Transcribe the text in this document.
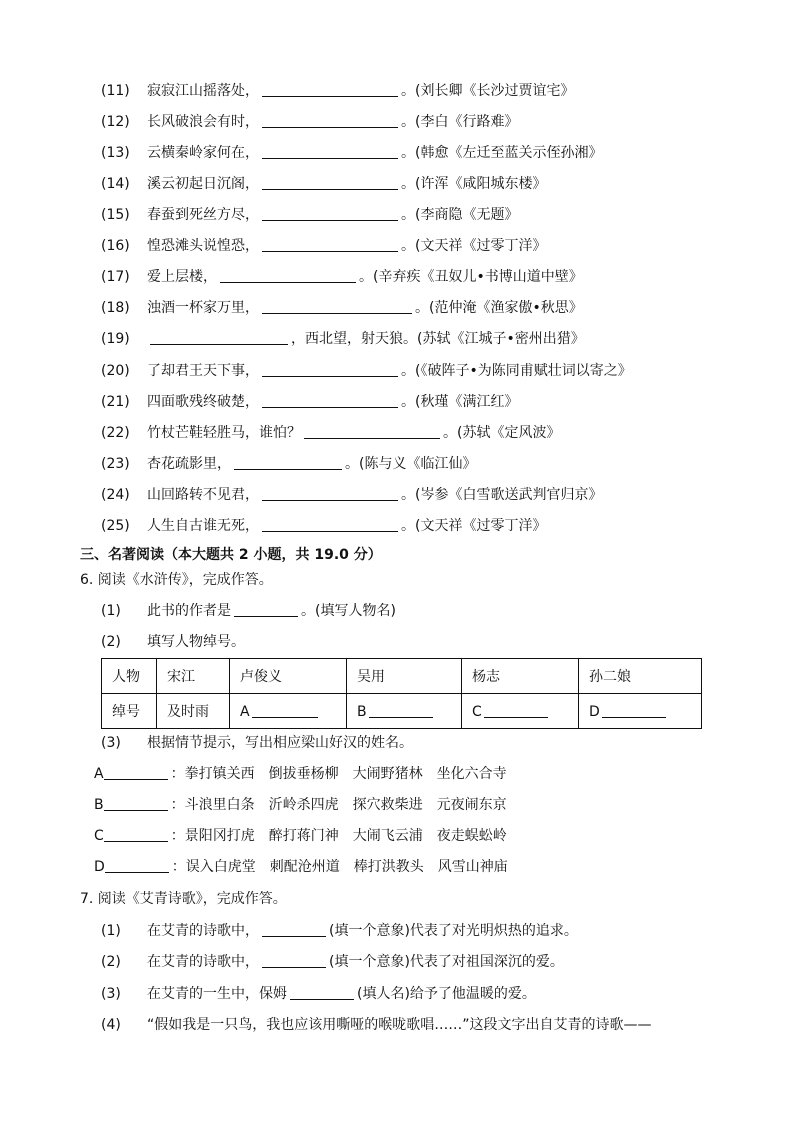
(11) 寂寂江山摇落处，	。(刘长卿《长沙过贾谊宅》
(12) 长风破浪会有时，	。(李白《行路难》
(13) 云横秦岭家何在，	。(韩愈《左迁至蓝关示侄孙湘》
(14) 溪云初起日沉阁，	。(许浑《咸阳城东楼》
(15) 春蚕到死丝方尽，	。(李商隐《无题》
(16) 惶恐滩头说惶恐，	。(文天祥《过零丁洋》
(17) 爱上层楼，	。(辛弃疾《丑奴儿•书博山道中壁》
(18) 浊酒一杯家万里，	。(范仲淹《渔家傲•秋思》
(19)	，西北望，射天狼。(苏轼《江城子•密州出猎》
(20) 了却君王天下事，	。(《破阵子•为陈同甫赋壮词以寄之》
(21) 四面歌残终破楚，	。(秋瑾《满江红》
(22) 竹杖芒鞋轻胜马，谁怕？	。(苏轼《定风波》
(23) 杏花疏影里，	。(陈与义《临江仙》
(24) 山回路转不见君，	。(岑参《白雪歌送武判官归京》
(25) 人生自古谁无死，	。(文天祥《过零丁洋》
三、名著阅读（本大题共 2 小题，共 19.0 分）
6. 阅读《水浒传》，完成作答。
(1) 此书的作者是	。(填写人物名)
(2) 填写人物绰号。
人物	宋江	卢俊义	吴用	杨志	孙二娘
绰号	及时雨	A	B	C	D
(3) 根据情节提示，写出相应梁山好汉的姓名。
A	：拳打镇关西　倒拔垂杨柳　大闹野猪林　坐化六合寺
B	：斗浪里白条　沂岭杀四虎　探穴救柴进　元夜闹东京
C	：景阳冈打虎　醉打蒋门神　大闹飞云浦　夜走蜈蚣岭
D	：误入白虎堂　刺配沧州道　棒打洪教头　风雪山神庙
7. 阅读《艾青诗歌》，完成作答。
(1) 在艾青的诗歌中，	(填一个意象)代表了对光明炽热的追求。
(2) 在艾青的诗歌中，	(填一个意象)代表了对祖国深沉的爱。
(3) 在艾青的一生中，保姆	(填人名)给予了他温暖的爱。
(4) “假如我是一只鸟，我也应该用嘶哑的喉咙歌唱……”这段文字出自艾青的诗歌——
